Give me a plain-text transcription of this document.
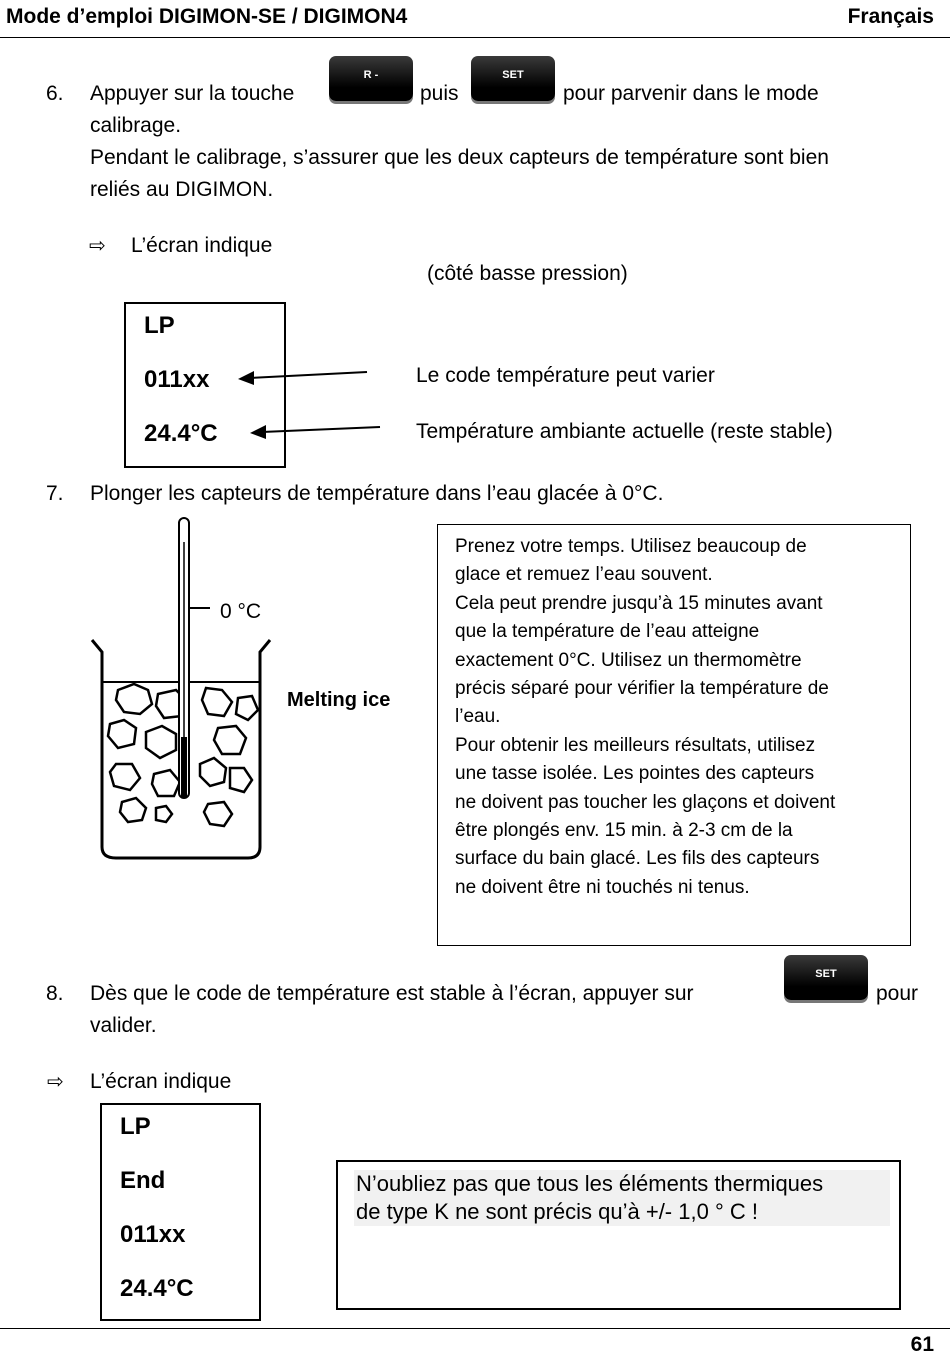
Mode d’emploi DIGIMON-SE / DIGIMON4	Français
6. Appuyer sur la touche
R -
puis
SET
pour parvenir dans le mode
calibrage.
Pendant le calibrage, s’assurer que les deux capteurs de température sont bien
reliés au DIGIMON.
⇨ L’écran indique
(côté basse pression)
LP
011xx
24.4°C
Le code température peut varier
Température ambiante actuelle (reste stable)
7. Plonger les capteurs de température dans l’eau glacée à 0°C.
0 °C
Melting ice
Prenez votre temps. Utilisez beaucoup de
glace et remuez l’eau souvent.
Cela peut prendre jusqu’à 15 minutes avant
que la température de l’eau atteigne
exactement 0°C. Utilisez un thermomètre
précis séparé pour vérifier la température de
l’eau.
Pour obtenir les meilleurs résultats, utilisez
une tasse isolée. Les pointes des capteurs
ne doivent pas toucher les glaçons et doivent
être plongés env. 15 min. à 2-3 cm de la
surface du bain glacé. Les fils des capteurs
ne doivent être ni touchés ni tenus.
8. Dès que le code de température est stable à l’écran, appuyer sur
SET
pour
valider.
⇨ L’écran indique
LP
End
011xx
24.4°C
N’oubliez pas que tous les éléments thermiques
de type K ne sont précis qu’à +/- 1,0 ° C !
61
